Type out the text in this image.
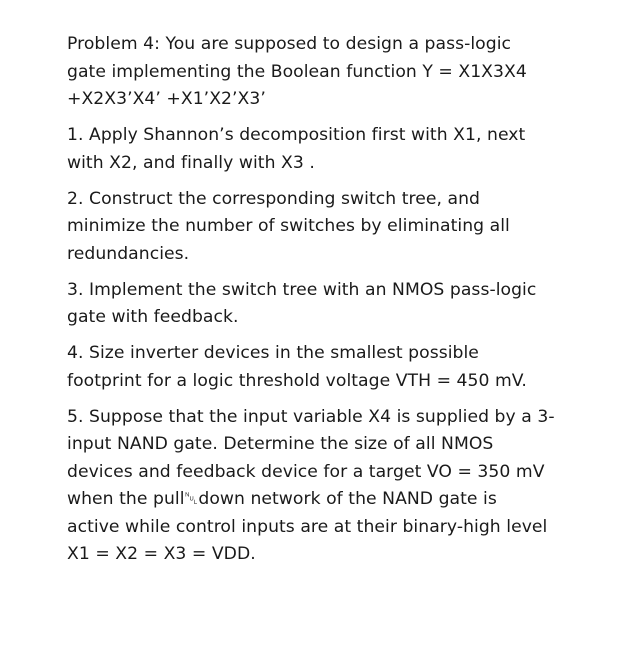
Problem 4: You are supposed to design a pass-logic
gate implementing the Boolean function Y = X1X3X4
+X2X3’X4’ +X1’X2’X3’

1. Apply Shannon’s decomposition first with X1, next
with X2, and finally with X3 .

2. Construct the corresponding switch tree, and
minimize the number of switches by eliminating all
redundancies.

3. Implement the switch tree with an NMOS pass-logic
gate with feedback.

4. Size inverter devices in the smallest possible
footprint for a logic threshold voltage VTH = 450 mV.

5. Suppose that the input variable X4 is supplied by a 3-
input NAND gate. Determine the size of all NMOS
devices and feedback device for a target VO = 350 mV
when the pull␀down network of the NAND gate is
active while control inputs are at their binary-high level
X1 = X2 = X3 = VDD.
